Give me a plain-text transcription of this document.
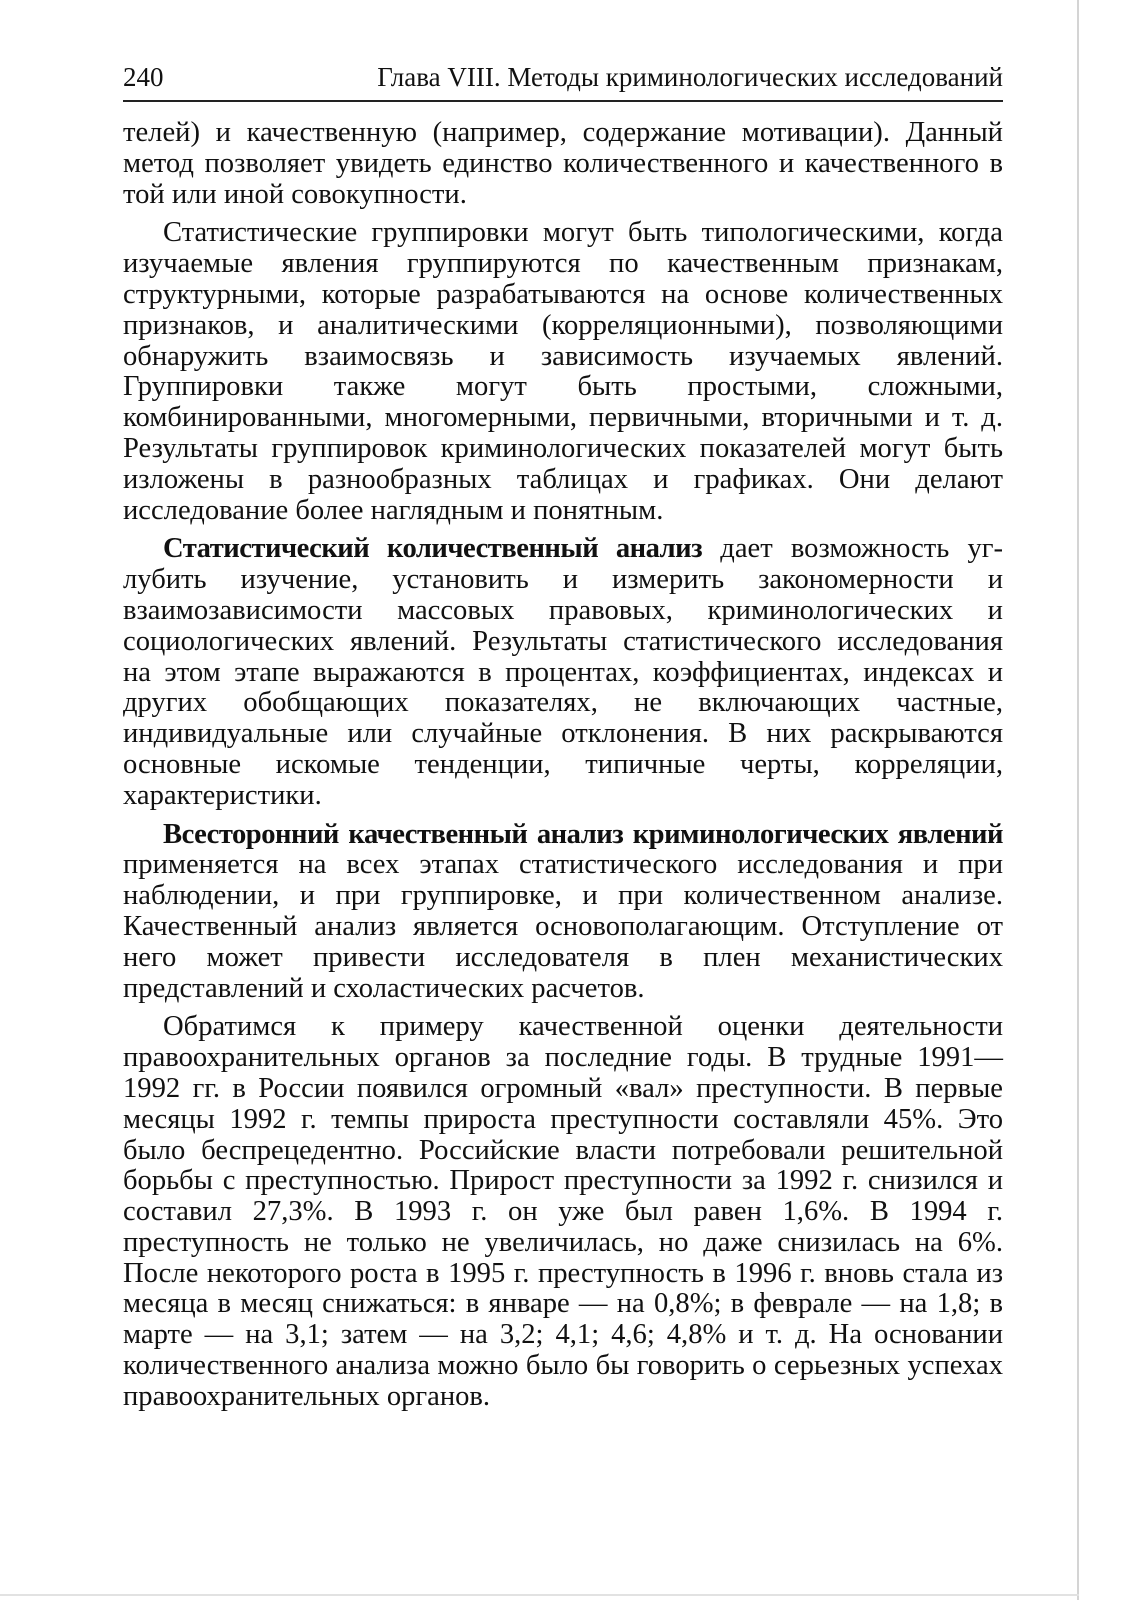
240	Глава VIII. Методы криминологических исследований

телей) и качественную (например, содержание мотивации). Данный метод позволяет увидеть единство количественного и качественного в той или иной совокупности.

Статистические группировки могут быть типологическими, когда изучаемые явления группируются по качественным признакам, структурными, которые разрабатываются на основе количественных признаков, и аналитическими (корреляционными), позволяющими обнаружить взаимосвязь и зависимость изучаемых явлений. Группировки также могут быть простыми, сложными, комбинированными, многомерными, первичными, вторичными и т. д. Результаты группировок криминологических показателей могут быть изложены в разнообразных таблицах и графиках. Они делают исследование более наглядным и понятным.

Статистический количественный анализ дает возможность углубить изучение, установить и измерить закономерности и взаимозависимости массовых правовых, криминологических и социологических явлений. Результаты статистического исследования на этом этапе выражаются в процентах, коэффициентах, индексах и других обобщающих показателях, не включающих частные, индивидуальные или случайные отклонения. В них раскрываются основные искомые тенденции, типичные черты, корреляции, характеристики.

Всесторонний качественный анализ криминологических явлений применяется на всех этапах статистического исследования и при наблюдении, и при группировке, и при количественном анализе. Качественный анализ является основополагающим. Отступление от него может привести исследователя в плен механистических представлений и схоластических расчетов.

Обратимся к примеру качественной оценки деятельности правоохранительных органов за последние годы. В трудные 1991—1992 гг. в России появился огромный «вал» преступности. В первые месяцы 1992 г. темпы прироста преступности составляли 45%. Это было беспрецедентно. Российские власти потребовали решительной борьбы с преступностью. Прирост преступности за 1992 г. снизился и составил 27,3%. В 1993 г. он уже был равен 1,6%. В 1994 г. преступность не только не увеличилась, но даже снизилась на 6%. После некоторого роста в 1995 г. преступность в 1996 г. вновь стала из месяца в месяц снижаться: в январе — на 0,8%; в феврале — на 1,8; в марте — на 3,1; затем — на 3,2; 4,1; 4,6; 4,8% и т. д. На основании количественного анализа можно было бы говорить о серьезных успехах правоохранительных органов.
